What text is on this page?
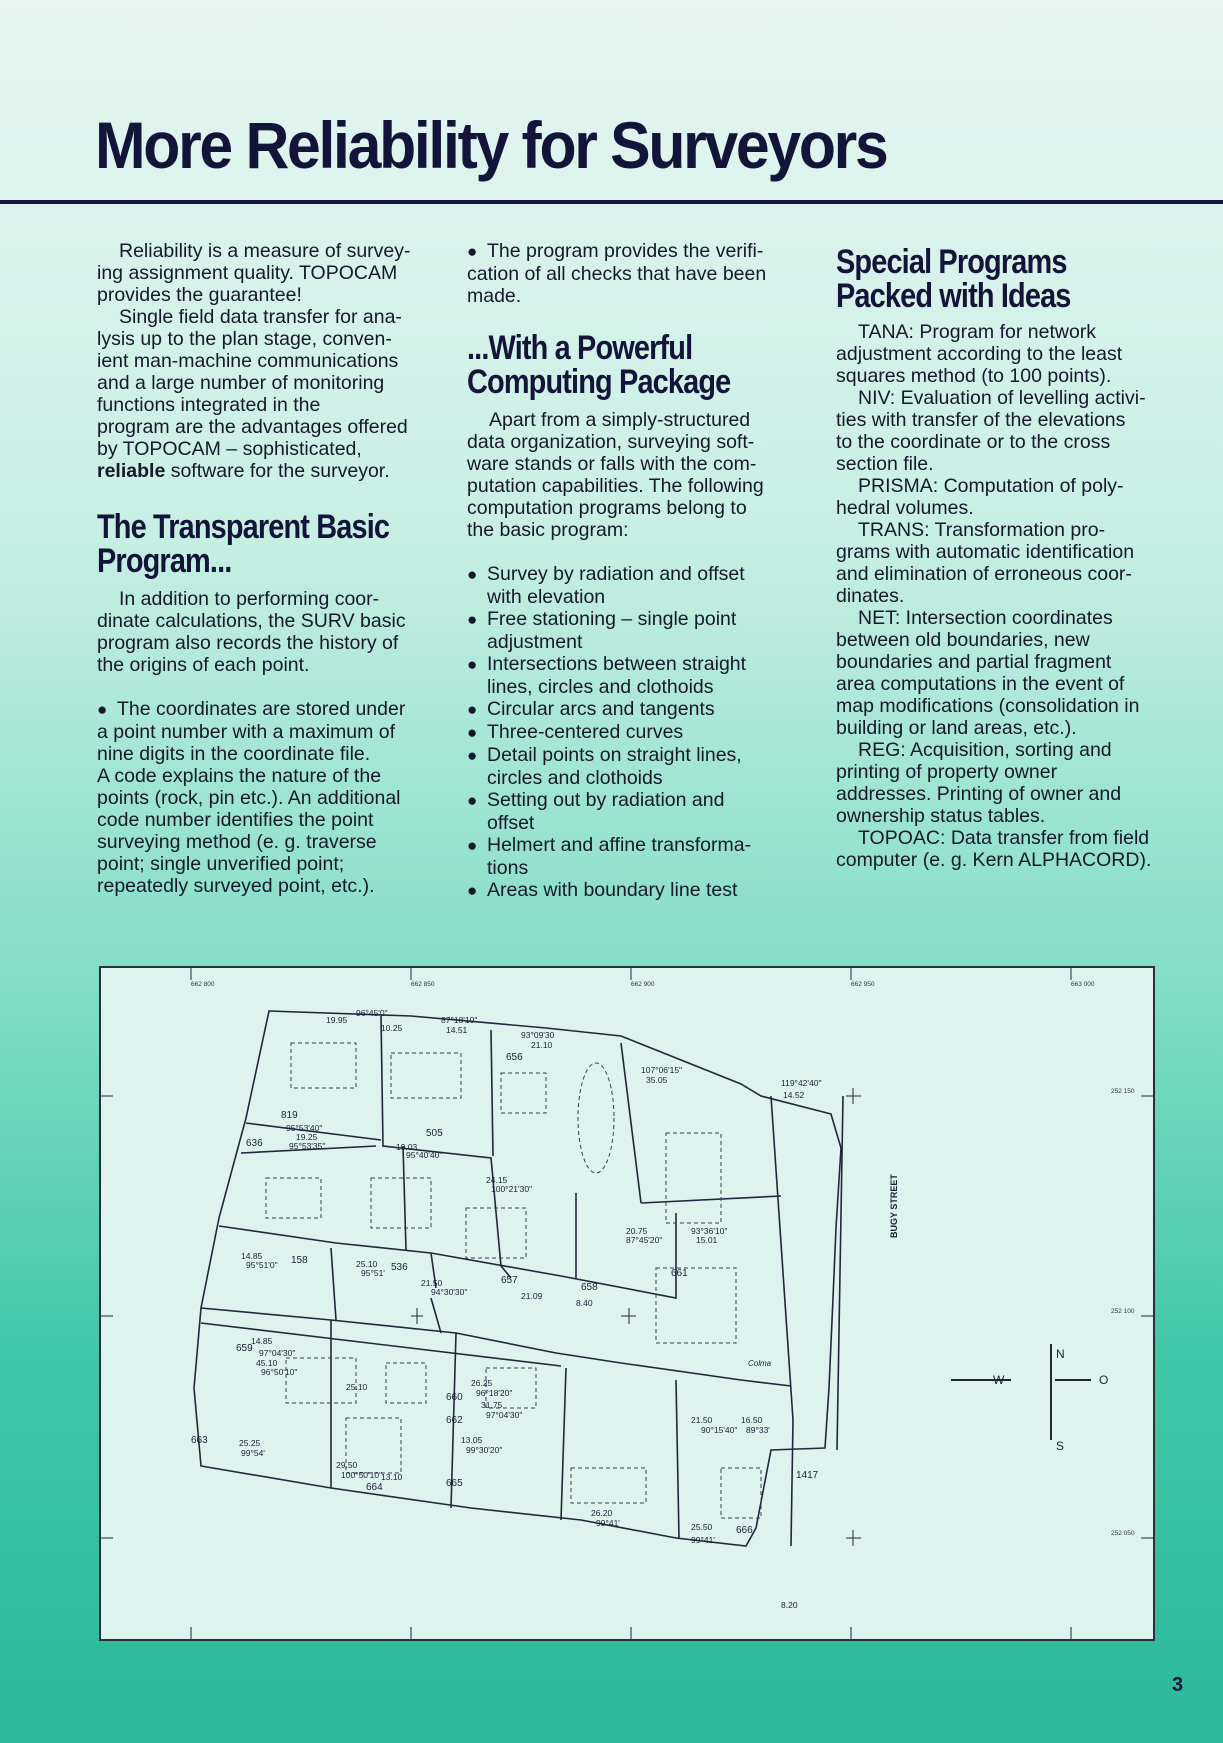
More Reliability for Surveyors

Reliability is a measure of survey-

ing assignment quality. TOPOCAM

provides the guarantee!

Single field data transfer for ana-

lysis up to the plan stage, conven-

ient man-machine communications

and a large number of monitoring

functions integrated in the

program are the advantages offered

by TOPOCAM – sophisticated,

reliable software for the surveyor.

The Transparent Basic
Program...

In addition to performing coor-

dinate calculations, the SURV basic

program also records the history of

the origins of each point.

●
The coordinates are stored under

a point number with a maximum of

nine digits in the coordinate file.

A code explains the nature of the

points (rock, pin etc.). An additional

code number identifies the point

surveying method (e. g. traverse

point; single unverified point;

repeatedly surveyed point, etc.).

●
The program provides the verifi-

cation of all checks that have been

made.

...With a Powerful
Computing Package

Apart from a simply-structured

data organization, surveying soft-

ware stands or falls with the com-

putation capabilities. The following

computation programs belong to

the basic program:

●
Survey by radiation and offset
with elevation
●
Free stationing – single point
adjustment
●
Intersections between straight
lines, circles and clothoids
●
Circular arcs and tangents
●
Three-centered curves
●
Detail points on straight lines,
circles and clothoids
●
Setting out by radiation and
offset
●
Helmert and affine transforma-
tions
●
Areas with boundary line test
Special Programs
Packed with Ideas

TANA: Program for network

adjustment according to the least

squares method (to 100 points).

NIV: Evaluation of levelling activi-

ties with transfer of the elevations

to the coordinate or to the cross

section file.

PRISMA: Computation of poly-

hedral volumes.

TRANS: Transformation pro-

grams with automatic identification

and elimination of erroneous coor-

dinates.

NET: Intersection coordinates

between old boundaries, new

boundaries and partial fragment

area computations in the event of

map modifications (consolidation in

building or land areas, etc.).

REG: Acquisition, sorting and

printing of property owner

addresses. Printing of owner and

ownership status tables.

TOPOAC: Data transfer from field

computer (e. g. Kern ALPHACORD).

819
505
656
636
158
536
657
658
661
659
660
662
663
664	665
666
1417
19.95
96°45'0"
10.25
87°18'10"
14.51	93°09'30
21.10
107°06'15"
35.05	119°42'40"
14.52
95°53'40"
19.25
95°53'35"	19.03
95°40'40"
24.15
100°21'30"
20.75	93°36'10"
87°45'20"	15.01
14.85
95°51'0"	25.10
95°51'
21.50
94°30'30"	21.09
8.40
14.85
97°04'30"
45.10
96°50'10"
25.10	26.25
96°18'20"
31.75
97°04'30"
25.25
99°54'
29.50
100°50'10"
13.10
13.05
99°30'20"
26.20
99°41'	25.50
99°41'
21.50
90°15'40"
16.50
89°33'
8.20
662 800	662 850	662 900	662 950	663 000
252 150
252 100
252 050
N
S
W	O
BUGY STREET
Colma
3
